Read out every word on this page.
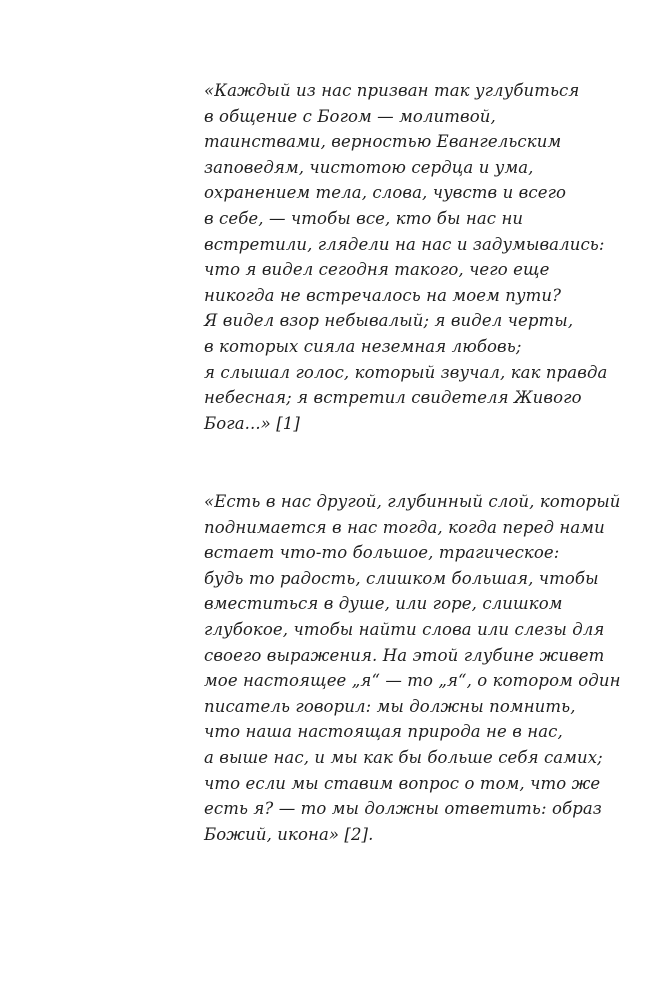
«Каждый из нас призван так углубиться
в общение с Богом — молитвой,
таинствами, верностью Евангельским
заповедям, чистотою сердца и ума,
охранением тела, слова, чувств и всего
в себе, — чтобы все, кто бы нас ни
встретили, глядели на нас и задумывались:
что я видел сегодня такого, чего еще
никогда не встречалось на моем пути?
Я видел взор небывалый; я видел черты,
в которых сияла неземная любовь;
я слышал голос, который звучал, как правда
небесная; я встретил свидетеля Живого
Бога...» [1]

«Есть в нас другой, глубинный слой, который
поднимается в нас тогда, когда перед нами
встает что-то большое, трагическое:
будь то радость, слишком большая, чтобы
вместиться в душе, или горе, слишком
глубокое, чтобы найти слова или слезы для
своего выражения. На этой глубине живет
мое настоящее „я“ — то „я“, о котором один
писатель говорил: мы должны помнить,
что наша настоящая природа не в нас,
а выше нас, и мы как бы больше себя самих;
что если мы ставим вопрос о том, что же
есть я? — то мы должны ответить: образ
Божий, икона» [2].
